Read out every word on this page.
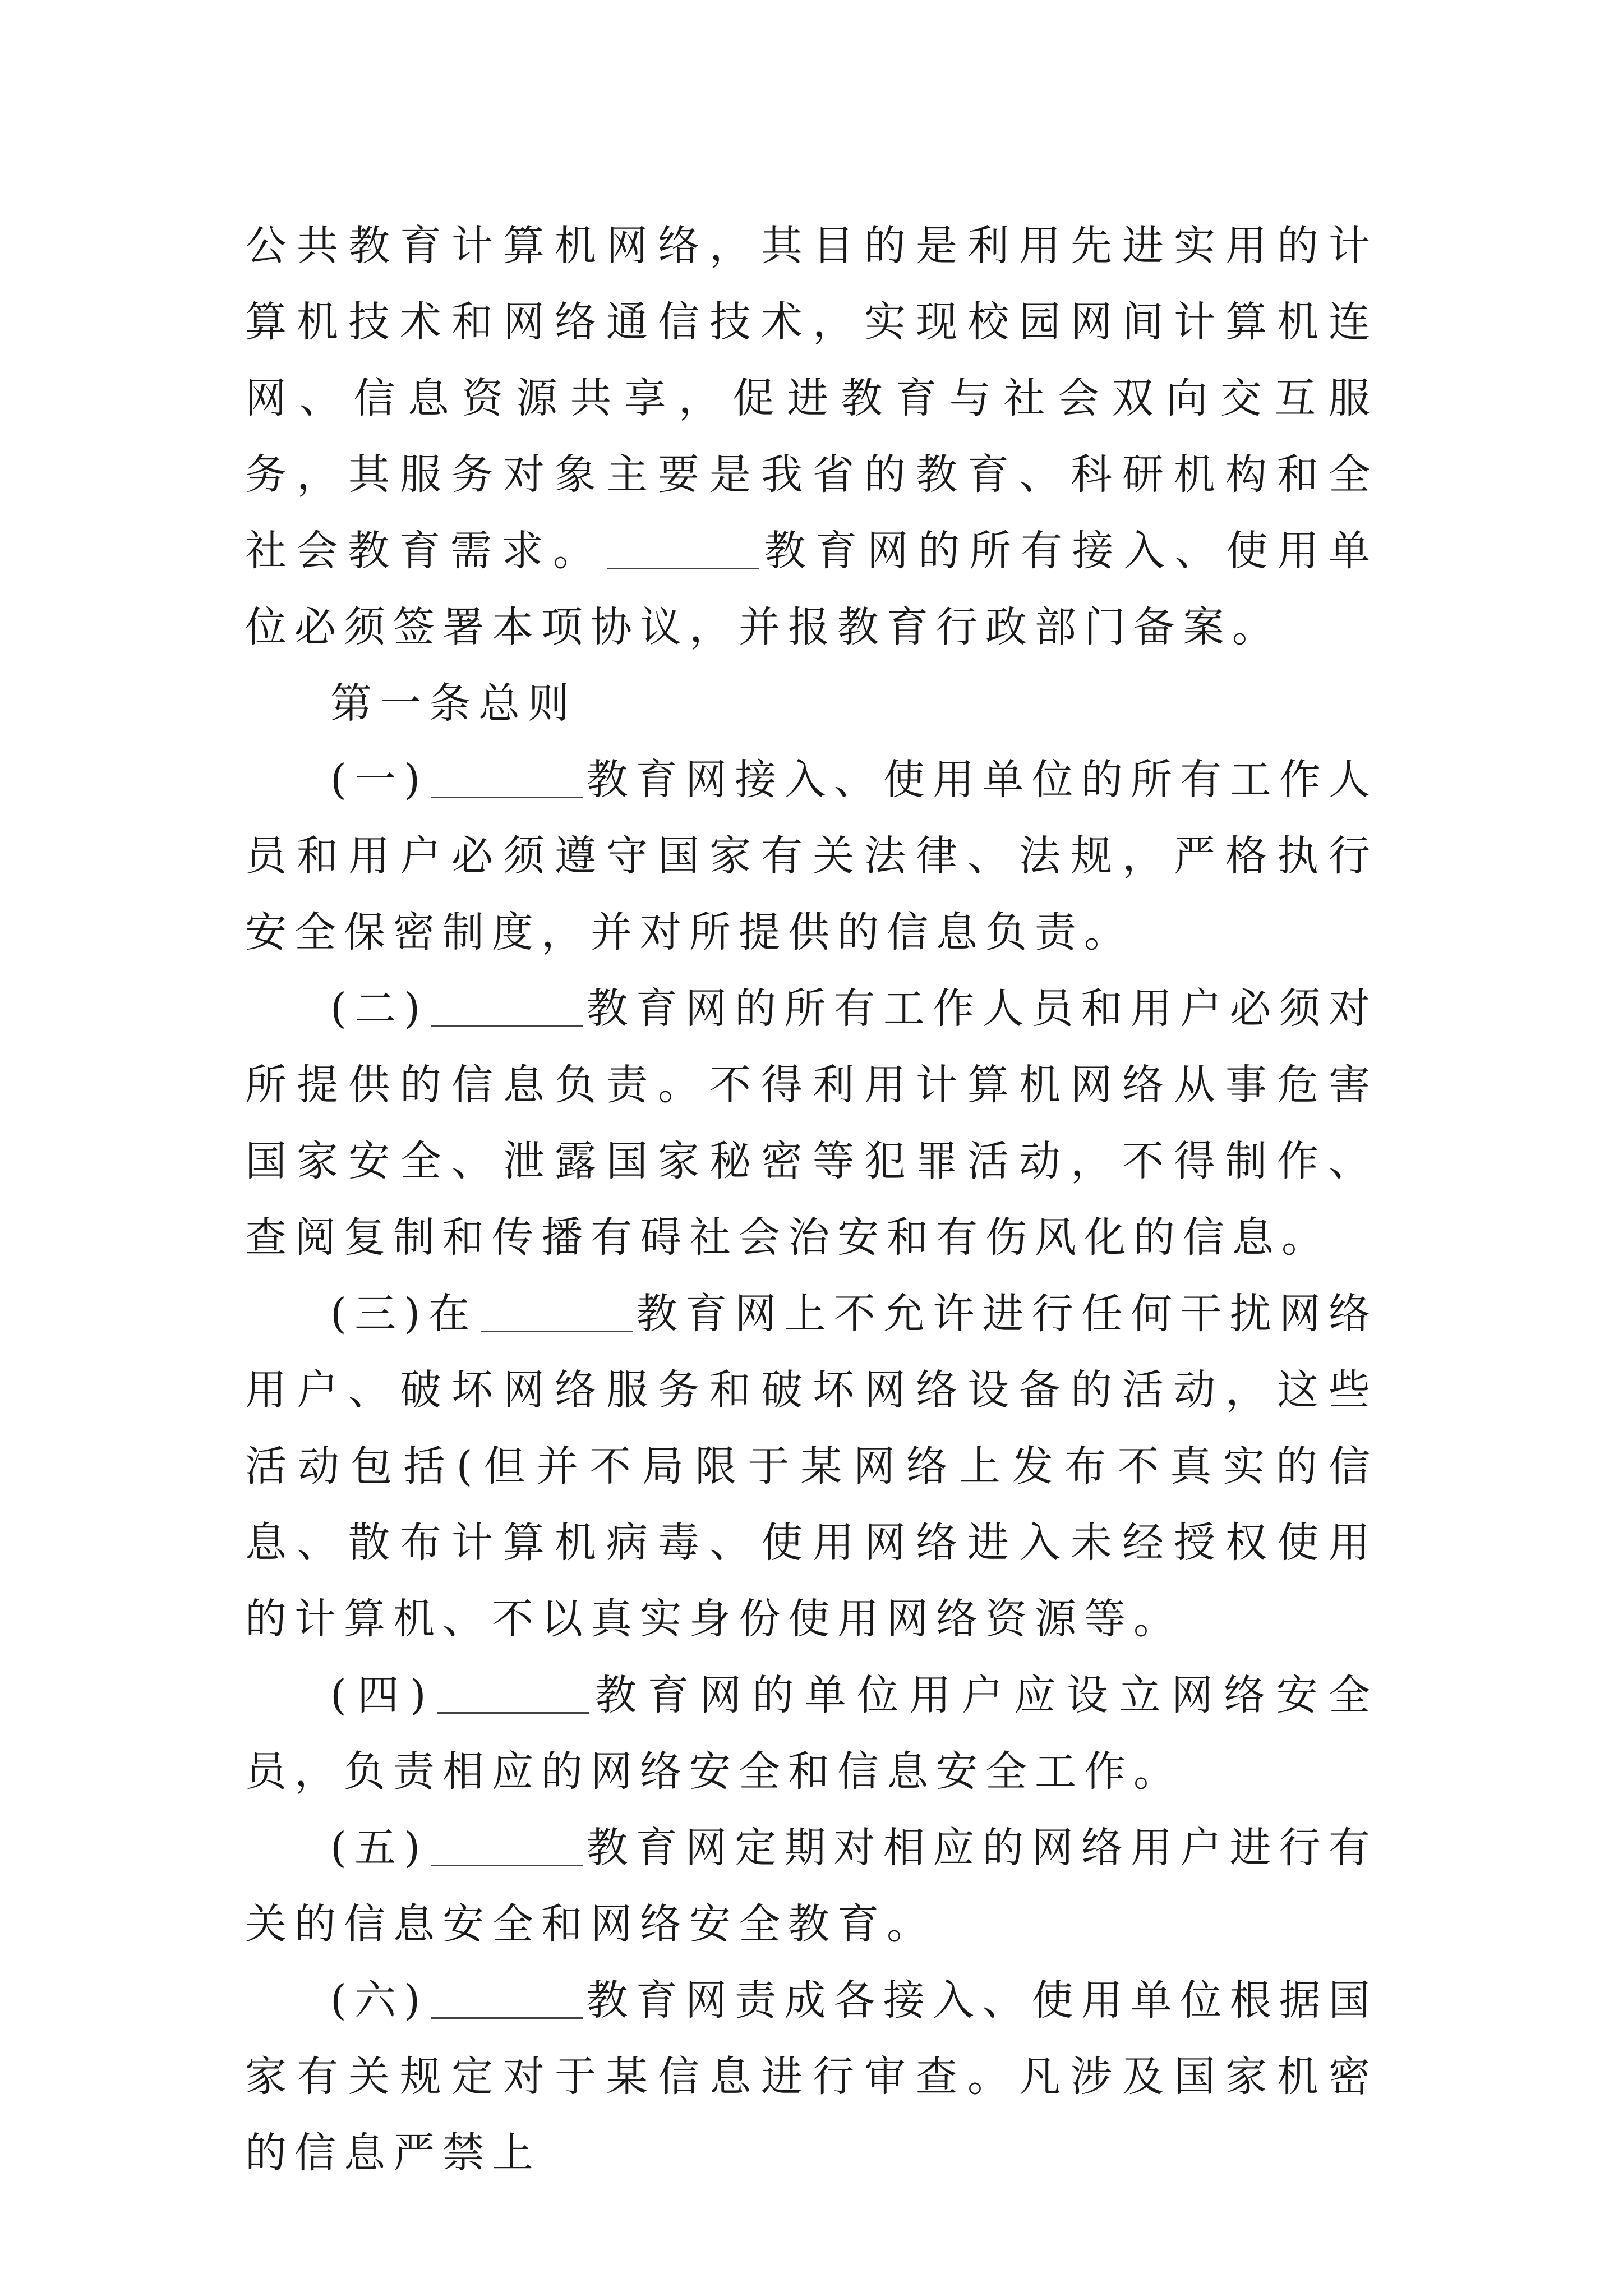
公共教育计算机网络，其目的是利用先进实用的计算机技术和网络通信技术，实现校园网间计算机连网、信息资源共享，促进教育与社会双向交互服务，其服务对象主要是我省的教育、科研机构和全社会教育需求。	教育网的所有接入、使用单位必须签署本项协议，并报教育行政部门备案。

第一条总则

(一)	教育网接入、使用单位的所有工作人员和用户必须遵守国家有关法律、法规，严格执行安全保密制度，并对所提供的信息负责。

(二)	教育网的所有工作人员和用户必须对所提供的信息负责。不得利用计算机网络从事危害国家安全、泄露国家秘密等犯罪活动，不得制作、查阅复制和传播有碍社会治安和有伤风化的信息。

(三)在	教育网上不允许进行任何干扰网络用户、破坏网络服务和破坏网络设备的活动，这些活动包括(但并不局限于某网络上发布不真实的信息、散布计算机病毒、使用网络进入未经授权使用的计算机、不以真实身份使用网络资源等。

(四)	教育网的单位用户应设立网络安全员，负责相应的网络安全和信息安全工作。

(五)	教育网定期对相应的网络用户进行有关的信息安全和网络安全教育。

(六)	教育网责成各接入、使用单位根据国家有关规定对于某信息进行审查。凡涉及国家机密的信息严禁上
